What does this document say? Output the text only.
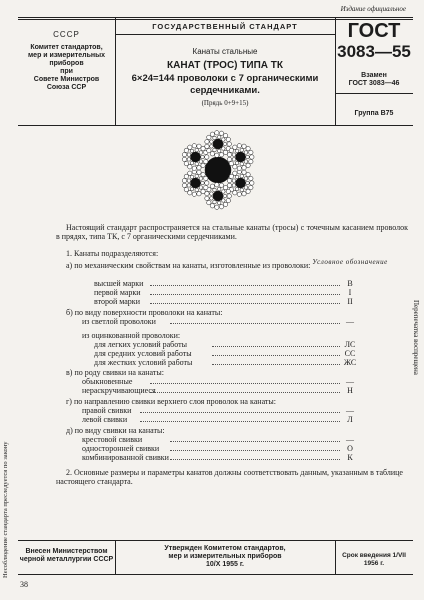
Издание официальное
СССР
Комитет стандартов,
мер и измерительных
приборов
при
Совете Министров
Союза ССР
ГОСУДАРСТВЕННЫЙ СТАНДАРТ
Канаты стальные
КАНАТ (ТРОС) ТИПА ТК
6×24=144 проволоки с 7 органическими
сердечниками.
(Прядь 0+9+15)
ГОСТ
3083—55
Взамен
ГОСТ 3083—46
Группа В75
Несоблюдение стандарта преследуется по закону
Перепечатка воспрещена
Настоящий стандарт распространяется на стальные канаты (тросы) с точечным касанием проволок в прядях, типа ТК, с 7 органическими сердечниками.
1. Канаты подразделяются:
Условное обозначение
а) по механическим свойствам на канаты, изготовленные из проволоки:
высшей марки	В
первой марки	I
второй марки	II
б) по виду поверхности проволоки на канаты:
из светлой проволоки	—
из оцинкованной проволоки:
для легких условий работы	ЛС
для средних условий работы	СС
для жестких условий работы	ЖС
в) по роду свивки на канаты:
обыкновенные	—
нераскручивающиеся	Н
г) по направлению свивки верхнего слоя проволок на канаты:
правой свивки	—
левой свивки	Л
д) по виду свивки на канаты:
крестовой свивки	—
односторонней свивки	О
комбинированной свивки	К
2. Основные размеры и параметры канатов должны соответствовать данным, указанным в таблице настоящего стандарта.
Внесен Министерством
черной металлургии СССР
Утвержден Комитетом стандартов,
мер и измерительных приборов
10/X 1955 г.
Срок введения 1/VII 1956 г.
38
